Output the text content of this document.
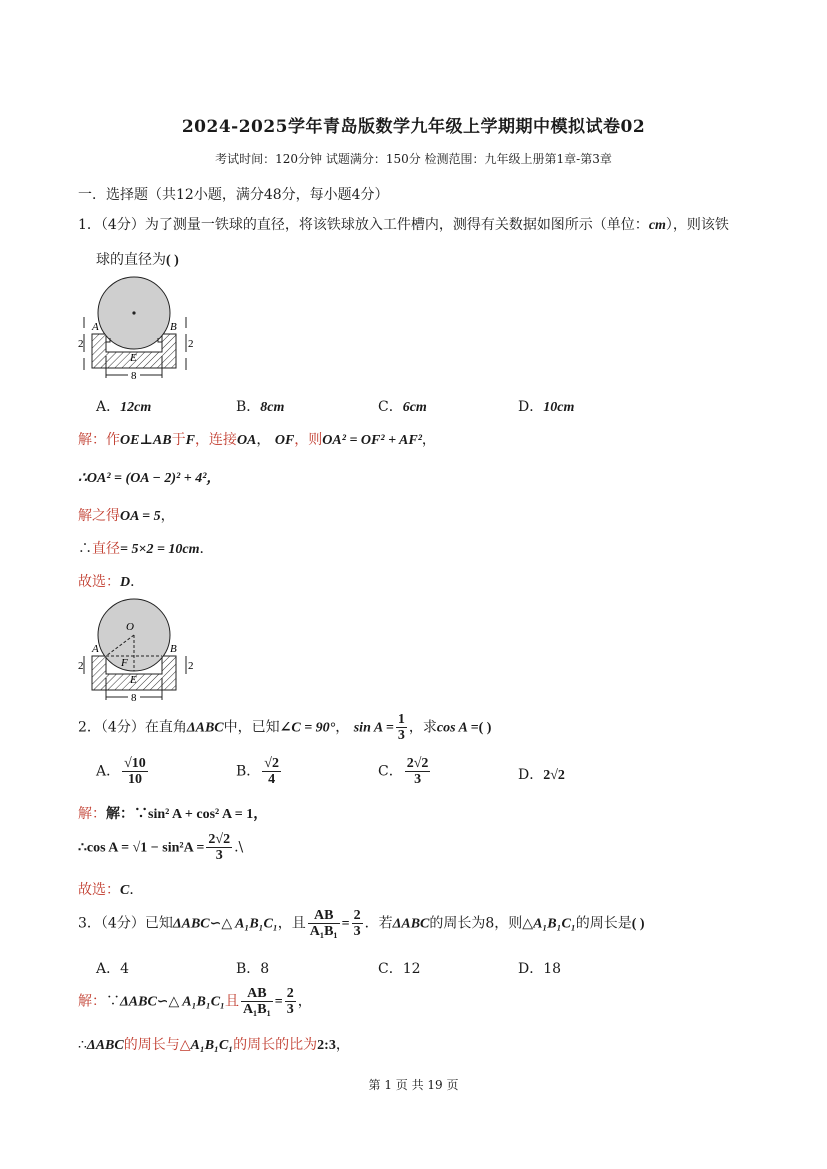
2024-2025学年青岛版数学九年级上学期期中模拟试卷02
考试时间：120分钟 试题满分：150分 检测范围：九年级上册第1章-第3章
一．选择题（共12小题，满分48分，每小题4分）
1．（4分）为了测量一铁球的直径，将该铁球放入工件槽内，测得有关数据如图所示（单位：cm），则该铁
球的直径为( )
A	B
E
2	2
8
A．12cm	B．8cm	C．6cm	D．10cm
解：作OE⊥AB于F，连接OA， OF，则OA² = OF² + AF²，
∴OA² = (OA − 2)² + 4²，
解之得OA = 5，
∴直径= 5×2 = 10cm．
故选：D．
O
A	B
F
E
2	2
8
2．（4分）在直角ΔABC中，已知∠C = 90°， $\sin A = \frac{1}{3}$ ，求cos A =( )
A． $\frac{√10}{10}$	B． $\frac{√2}{4}$	C． $\frac{2√2}{3}$	D．2√2
解：解：∵sin² A + cos² A = 1，
∴cos $A = √1 - \sin^2A = \frac{2√2}{3}$ .\
故选：C．
3．（4分）已知ΔABC∽△ A₁B₁C₁，且 $\frac{AB}{\text{A₁B₁}} = \frac{2}{3}$ ．若ΔABC的周长为8，则△A₁B₁C₁的周长是( )
A．4	B．8	C．12	D．18
解：∵ΔABC∽△ A₁B₁C₁且 $\frac{AB}{\text{A₁B₁}} = \frac{2}{3}$ ，
∴ΔABC的周长与△A₁B₁C₁的周长的比为2:3，
第 1 页 共 19 页
